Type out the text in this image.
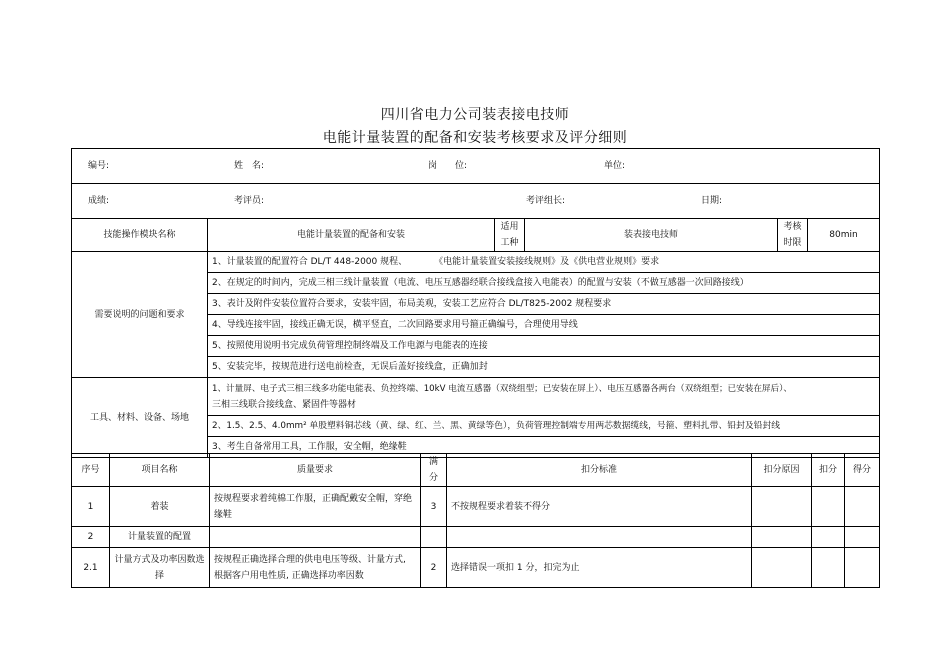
四川省电力公司装表接电技师
电能计量装置的配备和安装考核要求及评分细则
编号: 姓　名: 岗　　位: 单位:					

成绩: 考评员: 考评组长: 日期:					

技能操作模块名称	电能计量装置的配备和安装	适用工种	装表接电技师	考核时限	80min
需要说明的问题和要求	1、计量装置的配置符合 DL/T 448-2000 规程、　　　　《电能计量装置安装接线规则》及《供电营业规则》要求				
	2、在规定的时间内，完成三相三线计量装置（电流、电压互感器经联合接线盒接入电能表）的配置与安装（不做互感器一次回路接线）				
	3、表计及附件安装位置符合要求，安装牢固，布局美观，安装工艺应符合 DL/T825-2002 规程要求				
	4、导线连接牢固，接线正确无误，横平竖直，二次回路要求用号箍正确编号，合理使用导线				
	5、按照使用说明书完成负荷管理控制终端及工作电源与电能表的连接				
	5、安装完毕，按规范进行送电前检查，无误后盖好接线盒，正确加封				
工具、材料、设备、场地	1、计量屏、电子式三相三线多功能电能表、负控终端、10kV 电流互感器（双绕组型；已安装在屏上）、电压互感器各两台（双绕组型；已安装在屏后）、
三相三线联合接线盒、紧固件等器材				

	2、1.5、2.5、4.0mm² 单股塑料铜芯线（黄、绿、红、兰、黑、黄绿等色），负荷管理控制端专用两芯数据缆线，号箍、塑料扎带、铅封及铅封线				
	3、考生自备常用工具，工作服，安全帽，绝缘鞋				
序号	项目名称	质量要求	满分	扣分标准	扣分原因	扣分	得分
1	着装	按规程要求着纯棉工作服，正确配戴安全帽，穿绝缘鞋	3	不按规程要求着装不得分			
2	计量装置的配置						
2.1	计量方式及功率因数选择	按规程正确选择合理的供电电压等级、计量方式, 根据客户用电性质, 正确选择功率因数	2	选择错误一项扣 1 分，扣完为止			
